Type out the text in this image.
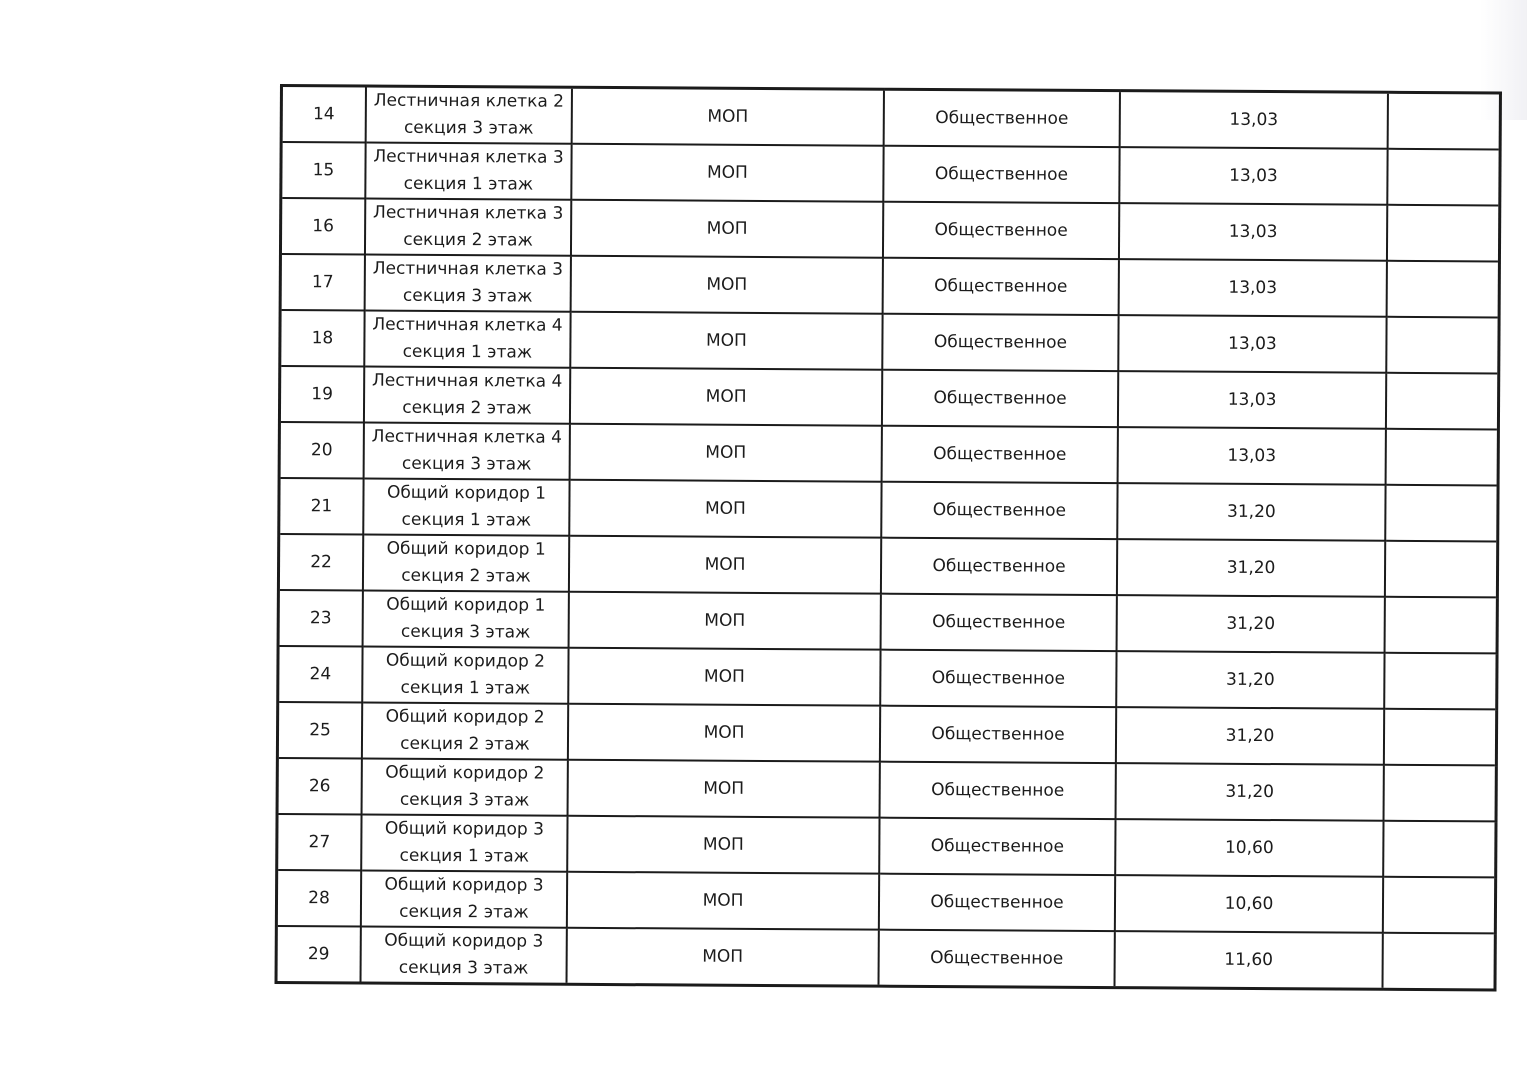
14	Лестничная клетка 2
секция 3 этаж	МОП	Общественное	13,03	
15	Лестничная клетка 3
секция 1 этаж	МОП	Общественное	13,03	
16	Лестничная клетка 3
секция 2 этаж	МОП	Общественное	13,03	
17	Лестничная клетка 3
секция 3 этаж	МОП	Общественное	13,03	
18	Лестничная клетка 4
секция 1 этаж	МОП	Общественное	13,03	
19	Лестничная клетка 4
секция 2 этаж	МОП	Общественное	13,03	
20	Лестничная клетка 4
секция 3 этаж	МОП	Общественное	13,03	
21	Общий коридор 1
секция 1 этаж	МОП	Общественное	31,20	
22	Общий коридор 1
секция 2 этаж	МОП	Общественное	31,20	
23	Общий коридор 1
секция 3 этаж	МОП	Общественное	31,20	
24	Общий коридор 2
секция 1 этаж	МОП	Общественное	31,20	
25	Общий коридор 2
секция 2 этаж	МОП	Общественное	31,20	
26	Общий коридор 2
секция 3 этаж	МОП	Общественное	31,20	
27	Общий коридор 3
секция 1 этаж	МОП	Общественное	10,60	
28	Общий коридор 3
секция 2 этаж	МОП	Общественное	10,60	
29	Общий коридор 3
секция 3 этаж	МОП	Общественное	11,60	
